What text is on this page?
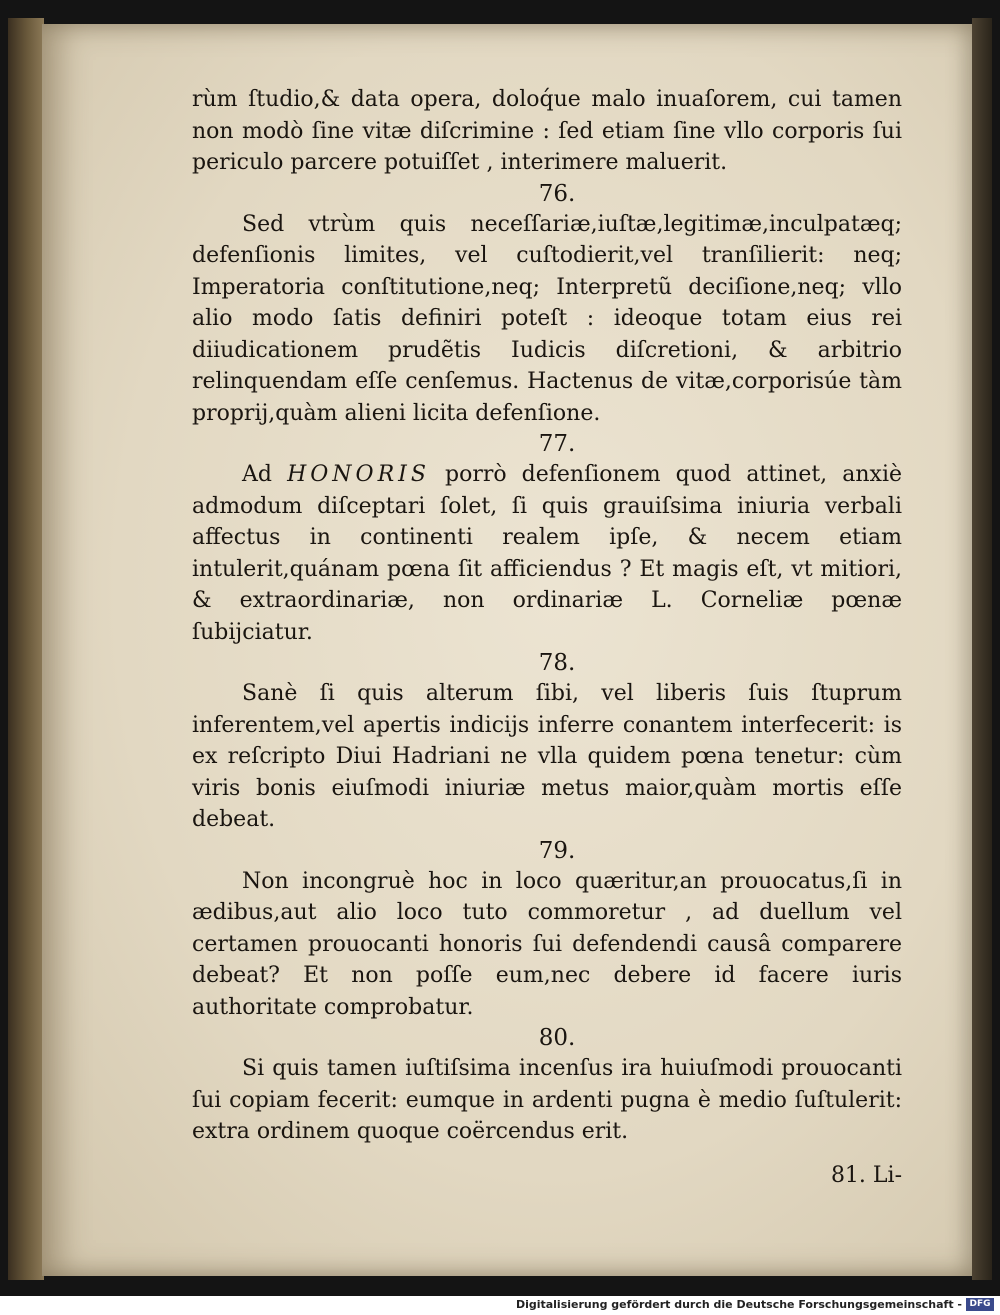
rùm ſtudio,& data opera, doloq́ue malo inuaſorem, cui tamen non modò ſine vitæ diſcrimine : ſed etiam ſine vllo corporis ſui periculo parcere potuiſſet , interimere maluerit.

76.

Sed vtrùm quis neceſſariæ,iuſtæ,legitimæ,inculpatæq; defenſionis limites, vel cuſtodierit,vel tranſilierit: neq; Imperatoria conſtitutione,neq; Interpretũ deciſione,neq; vllo alio modo ſatis definiri poteſt : ideoque totam eius rei diiudicationem prudẽtis Iudicis diſcretioni, & arbitrio relinquendam eſſe cenſemus. Hactenus de vitæ,corporisúe tàm proprij,quàm alieni licita defenſione.

77.

Ad HONORIS porrò defenſionem quod attinet, anxiè admodum diſceptari ſolet, ſi quis grauiſsima iniuria verbali affectus in continenti realem ipſe, & necem etiam intulerit,quánam pœna ſit afficiendus ? Et magis eſt, vt mitiori, & extraordinariæ, non ordinariæ L. Corneliæ pœnæ ſubijciatur.

78.

Sanè ſi quis alterum ſibi, vel liberis ſuis ſtuprum inferentem,vel apertis indicijs inferre conantem interfecerit: is ex reſcripto Diui Hadriani ne vlla quidem pœna tenetur: cùm viris bonis eiuſmodi iniuriæ metus maior,quàm mortis eſſe debeat.

79.

Non incongruè hoc in loco quæritur,an prouocatus,ſi in ædibus,aut alio loco tuto commoretur , ad duellum vel certamen prouocanti honoris ſui defendendi causâ comparere debeat? Et non poſſe eum,nec debere id facere iuris authoritate comprobatur.

80.

Si quis tamen iuſtiſsima incenſus ira huiuſmodi prouocanti ſui copiam fecerit: eumque in ardenti pugna è medio ſuſtulerit: extra ordinem quoque coërcendus erit.

81. Li-

Digitalisierung gefördert durch die Deutsche Forschungsgemeinschaft - DFG
